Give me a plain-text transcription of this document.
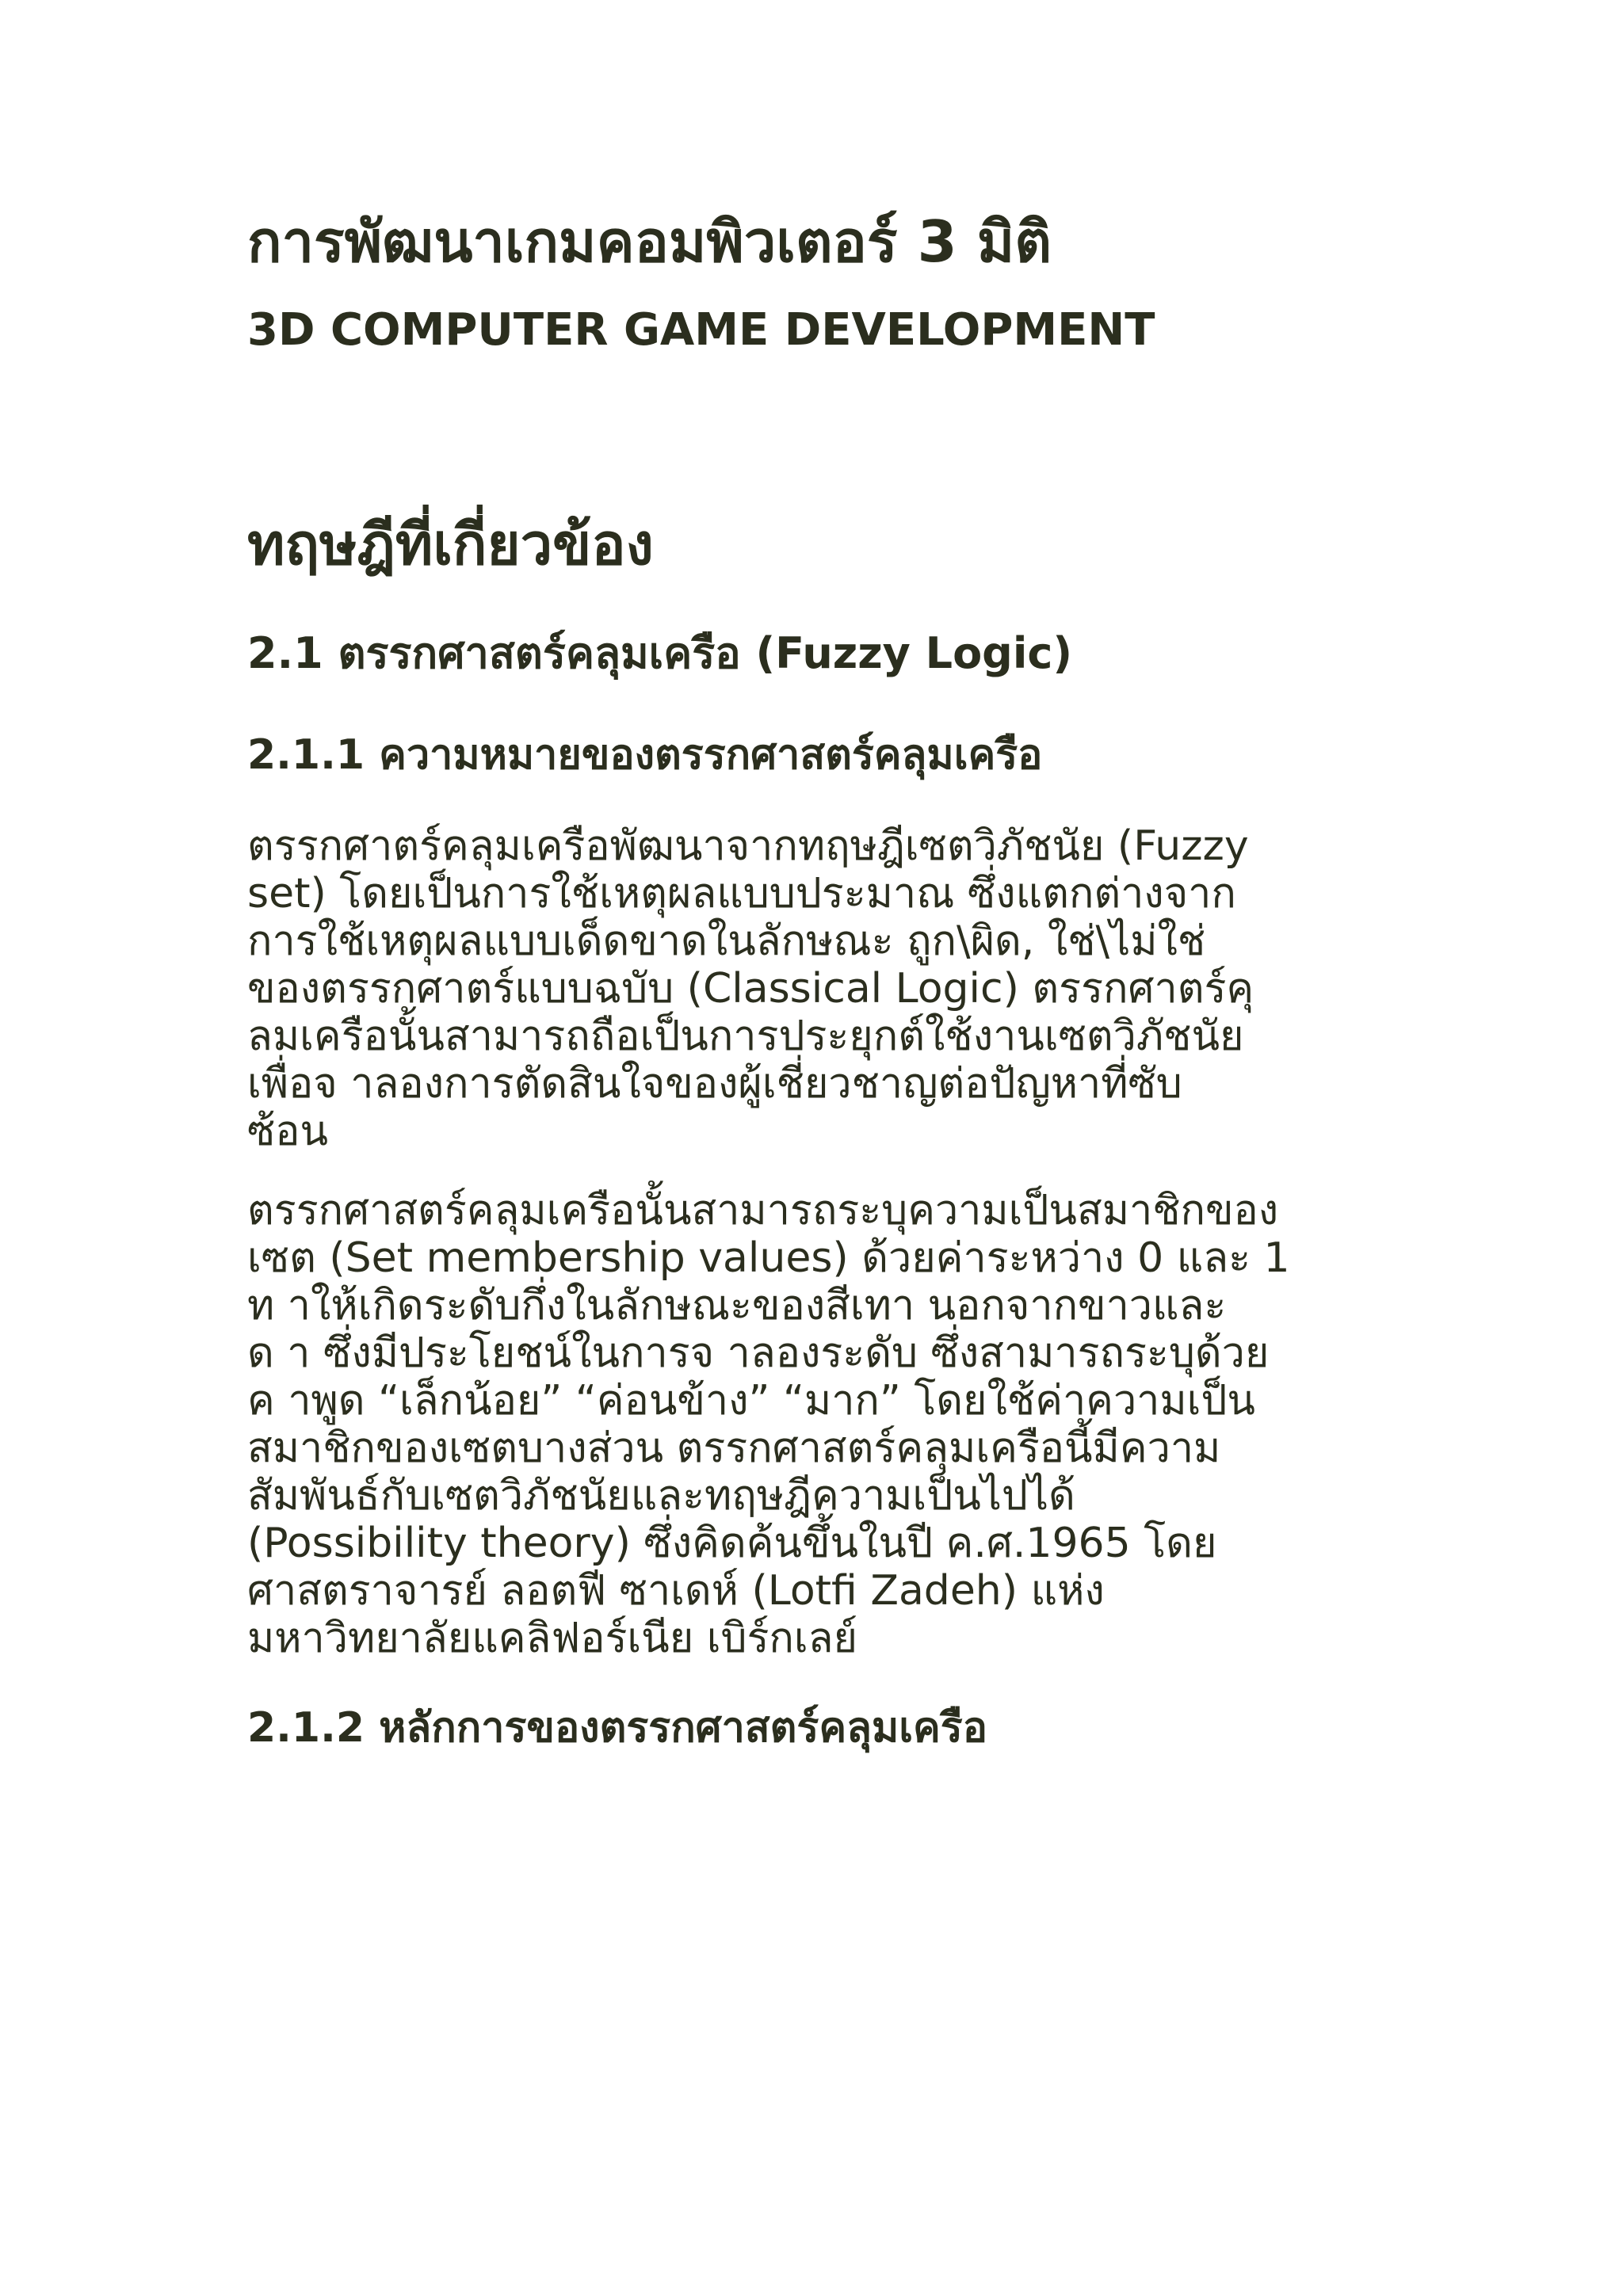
การพัฒนาเกมคอมพิวเตอร์ 3 มิติ
3D COMPUTER GAME DEVELOPMENT
ทฤษฎีที่เกี่ยวข้อง
2.1 ตรรกศาสตร์คลุมเครือ (Fuzzy Logic)
2.1.1 ความหมายของตรรกศาสตร์คลุมเครือ
ตรรกศาตร์คลุมเครือพัฒนาจากทฤษฎีเซตวิภัชนัย (Fuzzy
set) โดยเป็นการใช้เหตุผลแบบประมาณ ซึ่งแตกต่างจาก
การใช้เหตุผลแบบเด็ดขาดในลักษณะ ถูก\ผิด, ใช่\ไม่ใช่
ของตรรกศาตร์แบบฉบับ (Classical Logic) ตรรกศาตร์คุ
ลมเครือนั้นสามารถถือเป็นการประยุกต์ใช้งานเซตวิภัชนัย
เพื่อจ าลองการตัดสินใจของผู้เชี่ยวชาญต่อปัญหาที่ซับ
ซ้อน
ตรรกศาสตร์คลุมเครือนั้นสามารถระบุความเป็นสมาชิกของ
เซต (Set membership values) ด้วยค่าระหว่าง 0 และ 1
ท าให้เกิดระดับกึ่งในลักษณะของสีเทา นอกจากขาวและ
ด า ซึ่งมีประโยชน์ในการจ าลองระดับ ซึ่งสามารถระบุด้วย
ค าพูด “เล็กน้อย” “ค่อนข้าง” “มาก” โดยใช้ค่าความเป็น
สมาชิกของเซตบางส่วน ตรรกศาสตร์คลุมเครือนี้มีความ
สัมพันธ์กับเซตวิภัชนัยและทฤษฎีความเป็นไปได้
(Possibility theory) ซึ่งคิดค้นขึ้นในปี ค.ศ.1965 โดย
ศาสตราจารย์ ลอตฟี ซาเดห์ (Lotfi Zadeh) แห่ง
มหาวิทยาลัยแคลิฟอร์เนีย เบิร์กเลย์
2.1.2 หลักการของตรรกศาสตร์คลุมเครือ
